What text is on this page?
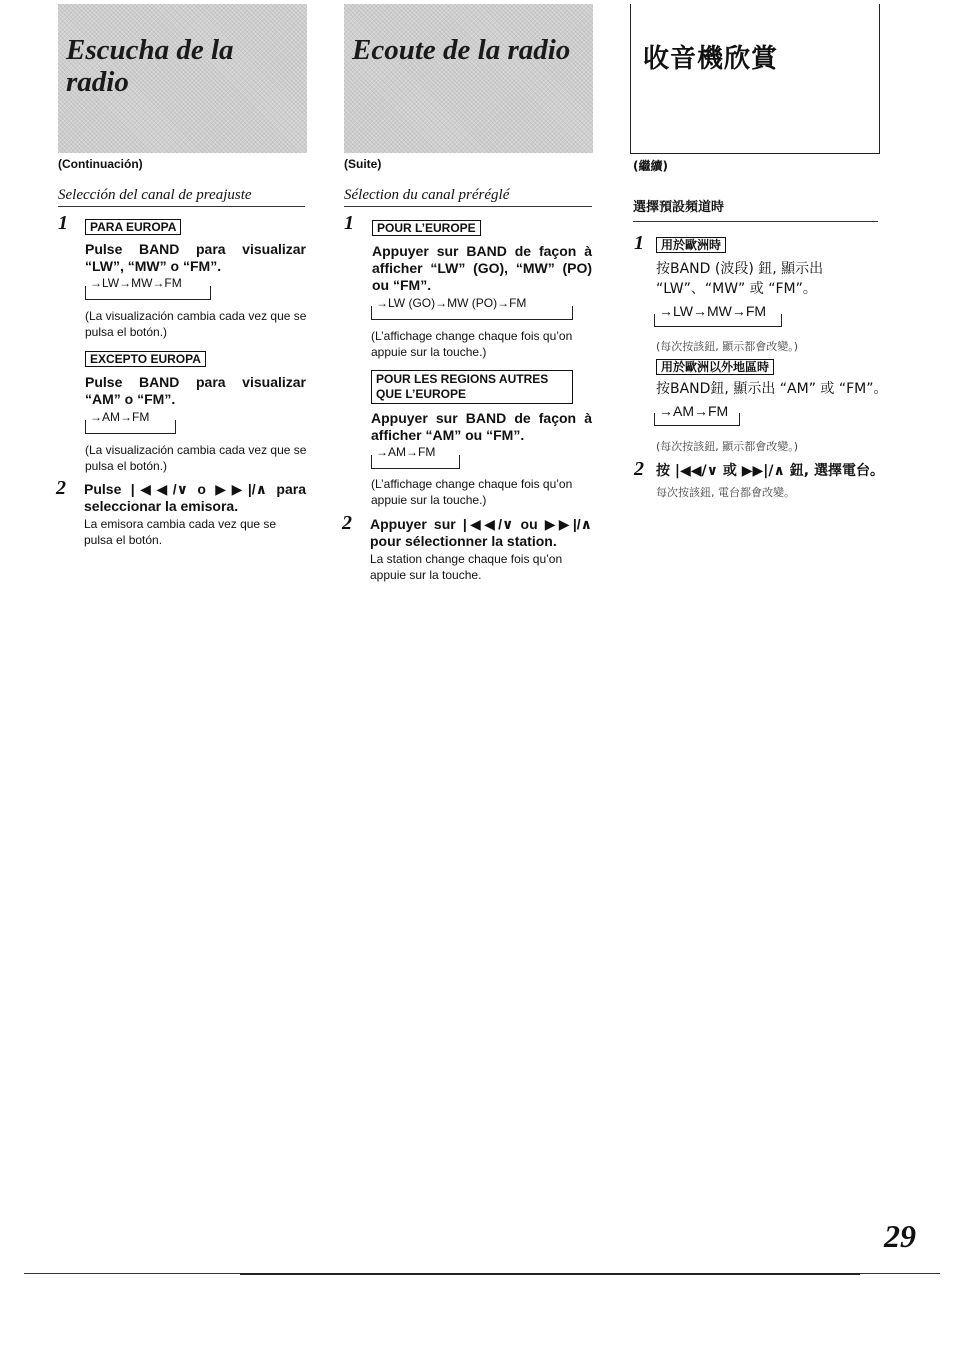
Escucha de la radio
(Continuación)
Selección del canal de preajuste
1	PARA EUROPA
Pulse BAND para visualizar “LW”, “MW” o “FM”.
→LW→MW→FM
(La visualización cambia cada vez que se pulsa el botón.)
EXCEPTO EUROPA
Pulse BAND para visualizar “AM” o “FM”.
→AM→FM
(La visualización cambia cada vez que se pulsa el botón.)
2 Pulse |◀◀/∨ o ▶▶|/∧ para seleccionar la emisora.
La emisora cambia cada vez que se pulsa el botón.
Ecoute de la radio
(Suite)
Sélection du canal préréglé
1	POUR L’EUROPE
Appuyer sur BAND de façon à afficher “LW” (GO), “MW” (PO) ou “FM”.
→LW (GO)→MW (PO)→FM
(L’affichage change chaque fois qu’on appuie sur la touche.)
POUR LES REGIONS AUTRES
QUE L’EUROPE
Appuyer sur BAND de façon à afficher “AM” ou “FM”.
→AM→FM
(L’affichage change chaque fois qu’on appuie sur la touche.)
2 Appuyer sur |◀◀/∨ ou ▶▶|/∧ pour sélectionner la station.
La station change chaque fois qu’on appuie sur la touche.
收音機欣賞
(繼續)
選擇預設頻道時
1	用於歐洲時
按BAND (波段) 鈕, 顯示出 “LW”、“MW” 或 “FM”。
→LW→MW→FM
(每次按該鈕, 顯示都會改變。)
用於歐洲以外地區時
按BAND鈕, 顯示出 “AM” 或 “FM”。
→AM→FM
(每次按該鈕, 顯示都會改變。)
2 按 |◀◀/∨ 或 ▶▶|/∧ 鈕, 選擇電台。
每次按該鈕, 電台都會改變。
29
